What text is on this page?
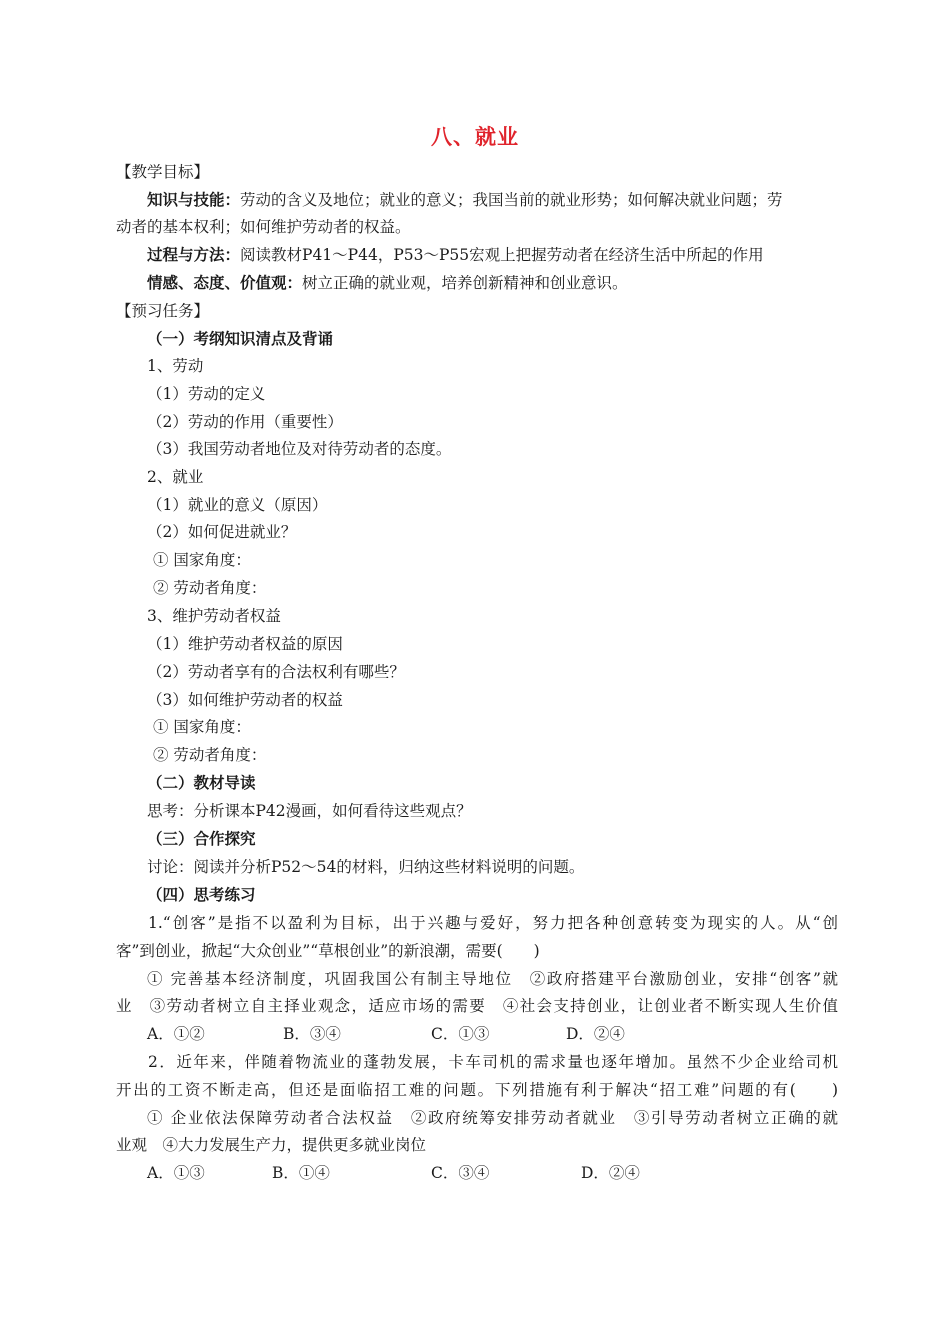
八、就业
【教学目标】
知识与技能：劳动的含义及地位；就业的意义；我国当前的就业形势；如何解决就业问题；劳
动者的基本权利；如何维护劳动者的权益。
过程与方法：阅读教材P41～P44，P53～P55宏观上把握劳动者在经济生活中所起的作用
情感、态度、价值观：树立正确的就业观，培养创新精神和创业意识。
【预习任务】
（一）考纲知识清点及背诵
1、劳动
（1）劳动的定义
（2）劳动的作用（重要性）
（3）我国劳动者地位及对待劳动者的态度。
2、就业
（1）就业的意义（原因）
（2）如何促进就业？
① 国家角度：
② 劳动者角度：
3、维护劳动者权益
（1）维护劳动者权益的原因
（2）劳动者享有的合法权利有哪些？
（3）如何维护劳动者的权益
① 国家角度：
② 劳动者角度：
（二）教材导读
思考：分析课本P42漫画，如何看待这些观点？
（三）合作探究
讨论：阅读并分析P52～54的材料，归纳这些材料说明的问题。
（四）思考练习
1.“创客”是指不以盈利为目标，出于兴趣与爱好，努力把各种创意转变为现实的人。从“创
客”到创业，掀起“大众创业”“草根创业”的新浪潮，需要(　　)
① 完善基本经济制度，巩固我国公有制主导地位　②政府搭建平台激励创业，安排“创客”就
业　③劳动者树立自主择业观念，适应市场的需要　④社会支持创业，让创业者不断实现人生价值
A．①②	B．③④	C．①③	D．②④
2．近年来，伴随着物流业的蓬勃发展，卡车司机的需求量也逐年增加。虽然不少企业给司机
开出的工资不断走高，但还是面临招工难的问题。下列措施有利于解决“招工难”问题的有(　　)
① 企业依法保障劳动者合法权益　②政府统筹安排劳动者就业　③引导劳动者树立正确的就
业观　④大力发展生产力，提供更多就业岗位
A．①③	B．①④	C．③④	D．②④
